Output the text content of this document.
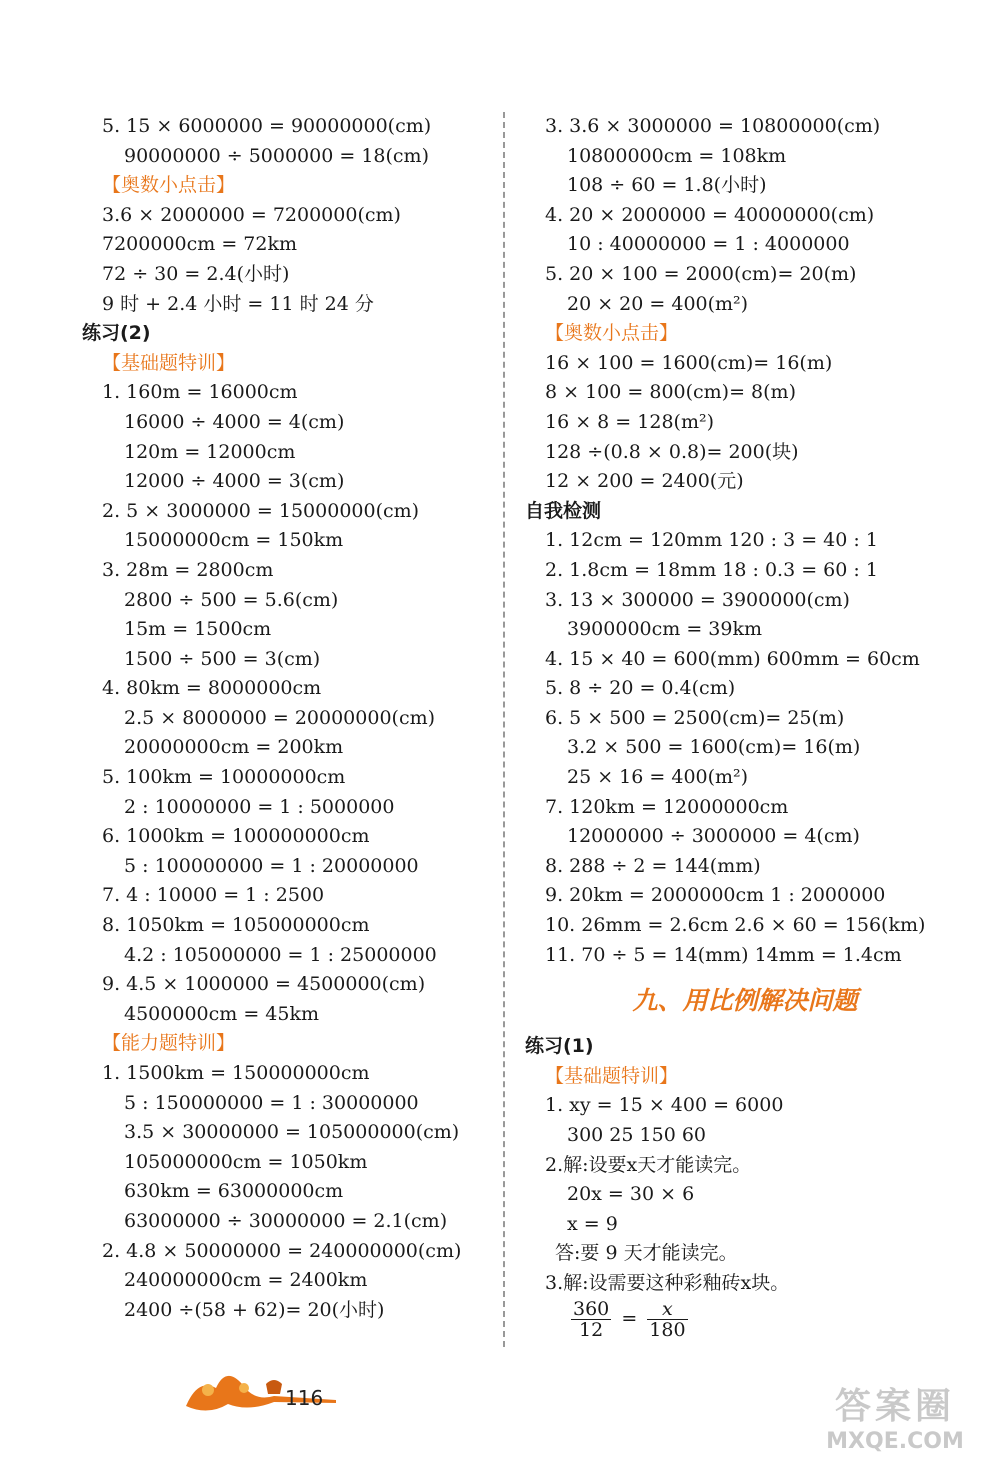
5. 15 × 6000000 = 90000000(cm)
90000000 ÷ 5000000 = 18(cm)
【奥数小点击】
3.6 × 2000000 = 7200000(cm)
7200000cm = 72km
72 ÷ 30 = 2.4(小时)
9 时 + 2.4 小时 = 11 时 24 分
练习(2)
【基础题特训】
1. 160m = 16000cm
16000 ÷ 4000 = 4(cm)
120m = 12000cm
12000 ÷ 4000 = 3(cm)
2. 5 × 3000000 = 15000000(cm)
15000000cm = 150km
3. 28m = 2800cm
2800 ÷ 500 = 5.6(cm)
15m = 1500cm
1500 ÷ 500 = 3(cm)
4. 80km = 8000000cm
2.5 × 8000000 = 20000000(cm)
20000000cm = 200km
5. 100km = 10000000cm
2 : 10000000 = 1 : 5000000
6. 1000km = 100000000cm
5 : 100000000 = 1 : 20000000
7. 4 : 10000 = 1 : 2500
8. 1050km = 105000000cm
4.2 : 105000000 = 1 : 25000000
9. 4.5 × 1000000 = 4500000(cm)
4500000cm = 45km
【能力题特训】
1. 1500km = 150000000cm
5 : 150000000 = 1 : 30000000
3.5 × 30000000 = 105000000(cm)
105000000cm = 1050km
630km = 63000000cm
63000000 ÷ 30000000 = 2.1(cm)
2. 4.8 × 50000000 = 240000000(cm)
240000000cm = 2400km
2400 ÷(58 + 62)= 20(小时)
3. 3.6 × 3000000 = 10800000(cm)
10800000cm = 108km
108 ÷ 60 = 1.8(小时)
4. 20 × 2000000 = 40000000(cm)
10 : 40000000 = 1 : 4000000
5. 20 × 100 = 2000(cm)= 20(m)
20 × 20 = 400(m²)
【奥数小点击】
16 × 100 = 1600(cm)= 16(m)
8 × 100 = 800(cm)= 8(m)
16 × 8 = 128(m²)
128 ÷(0.8 × 0.8)= 200(块)
12 × 200 = 2400(元)
自我检测
1. 12cm = 120mm 120 : 3 = 40 : 1
2. 1.8cm = 18mm 18 : 0.3 = 60 : 1
3. 13 × 300000 = 3900000(cm)
3900000cm = 39km
4. 15 × 40 = 600(mm) 600mm = 60cm
5. 8 ÷ 20 = 0.4(cm)
6. 5 × 500 = 2500(cm)= 25(m)
3.2 × 500 = 1600(cm)= 16(m)
25 × 16 = 400(m²)
7. 120km = 12000000cm
12000000 ÷ 3000000 = 4(cm)
8. 288 ÷ 2 = 144(mm)
9. 20km = 2000000cm 1 : 2000000
10. 26mm = 2.6cm 2.6 × 60 = 156(km)
11. 70 ÷ 5 = 14(mm) 14mm = 1.4cm
九、用比例解决问题
练习(1)
【基础题特训】
1. xy = 15 × 400 = 6000
300 25 150 60
2.解:设要x天才能读完。
20x = 30 × 6
x = 9
答:要 9 天才能读完。
3.解:设需要这种彩釉砖x块。
$\frac{360}{12} = \frac{x}{180}$
116	答案圈
MXQE.COM
